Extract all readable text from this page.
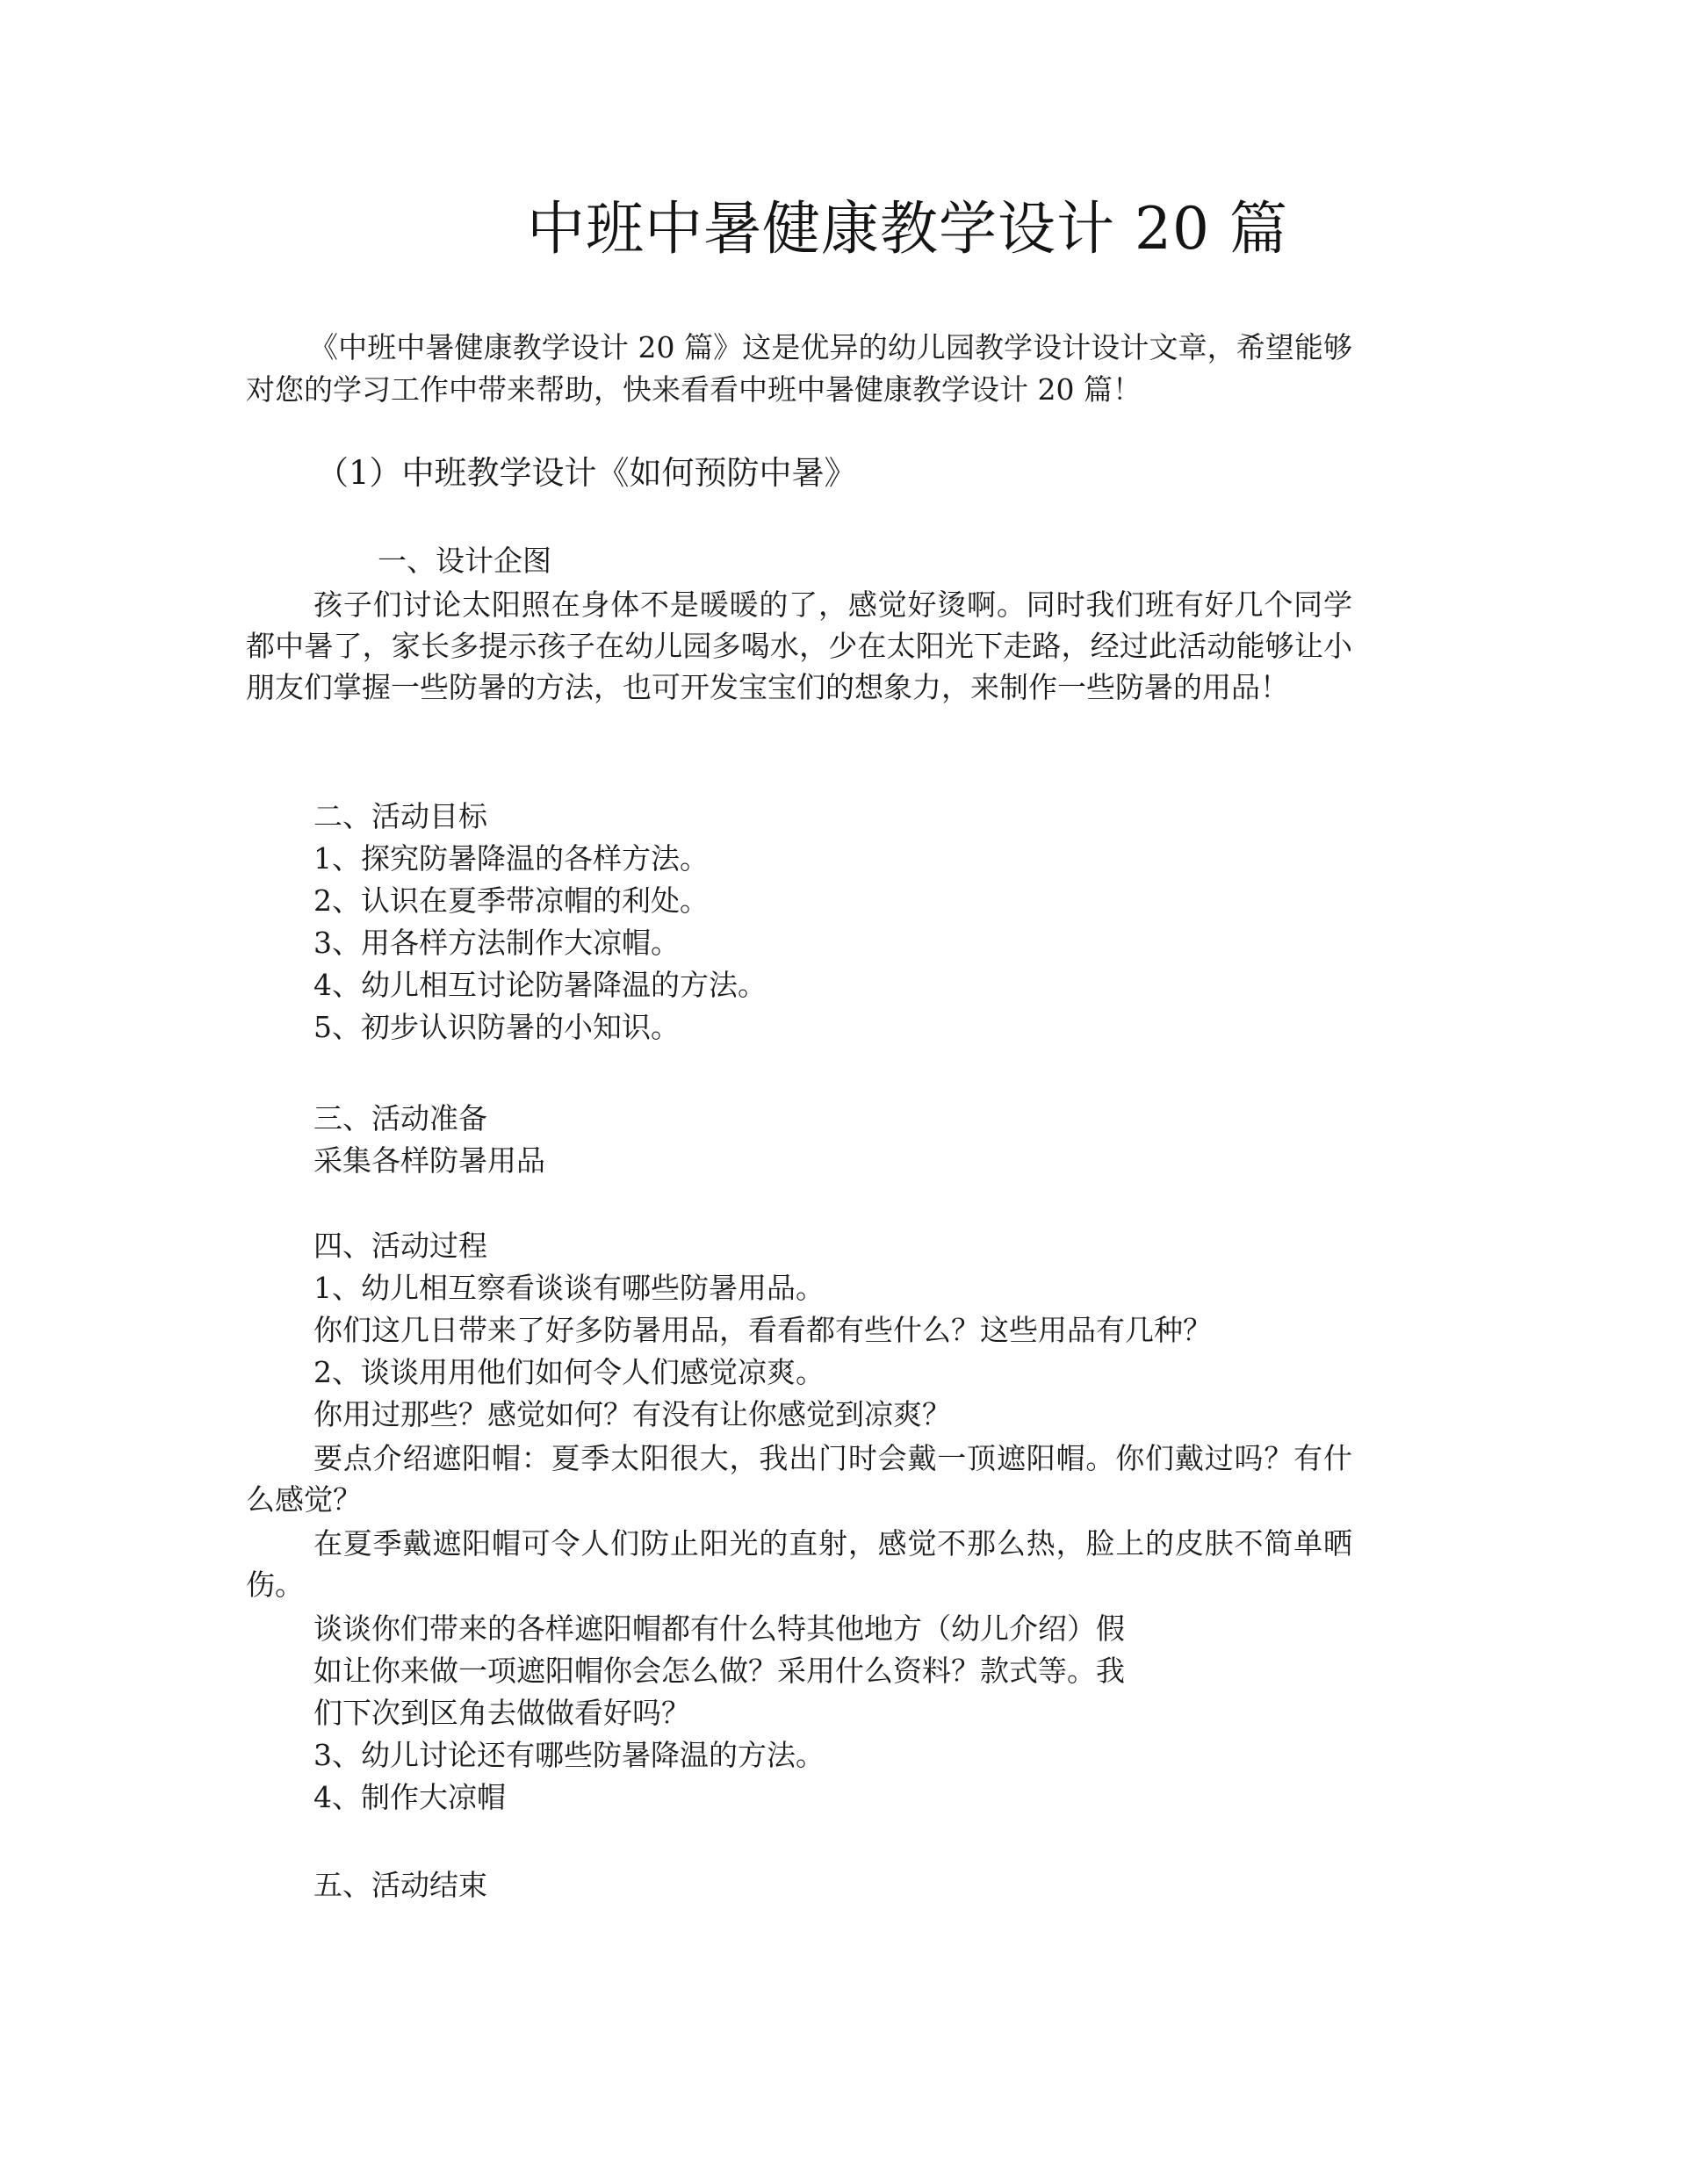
中班中暑健康教学设计 20 篇

《中班中暑健康教学设计 20 篇》这是优异的幼儿园教学设计设计文章，希望能够对您的学习工作中带来帮助，快来看看中班中暑健康教学设计 20 篇！

（1）中班教学设计《如何预防中暑》
一、设计企图

孩子们讨论太阳照在身体不是暖暖的了，感觉好烫啊。同时我们班有好几个同学都中暑了，家长多提示孩子在幼儿园多喝水，少在太阳光下走路，经过此活动能够让小朋友们掌握一些防暑的方法，也可开发宝宝们的想象力，来制作一些防暑的用品！

二、活动目标
1、探究防暑降温的各样方法。
2、认识在夏季带凉帽的利处。
3、用各样方法制作大凉帽。
4、幼儿相互讨论防暑降温的方法。
5、初步认识防暑的小知识。
三、活动准备
采集各样防暑用品
四、活动过程
1、幼儿相互察看谈谈有哪些防暑用品。
你们这几日带来了好多防暑用品，看看都有些什么？这些用品有几种？
2、谈谈用用他们如何令人们感觉凉爽。
你用过那些？感觉如何？有没有让你感觉到凉爽？

要点介绍遮阳帽：夏季太阳很大，我出门时会戴一顶遮阳帽。你们戴过吗？有什么感觉？

在夏季戴遮阳帽可令人们防止阳光的直射，感觉不那么热，脸上的皮肤不简单晒伤。

谈谈你们带来的各样遮阳帽都有什么特其他地方（幼儿介绍）假
如让你来做一项遮阳帽你会怎么做？采用什么资料？款式等。我
们下次到区角去做做看好吗？
3、幼儿讨论还有哪些防暑降温的方法。
4、制作大凉帽
五、活动结束
